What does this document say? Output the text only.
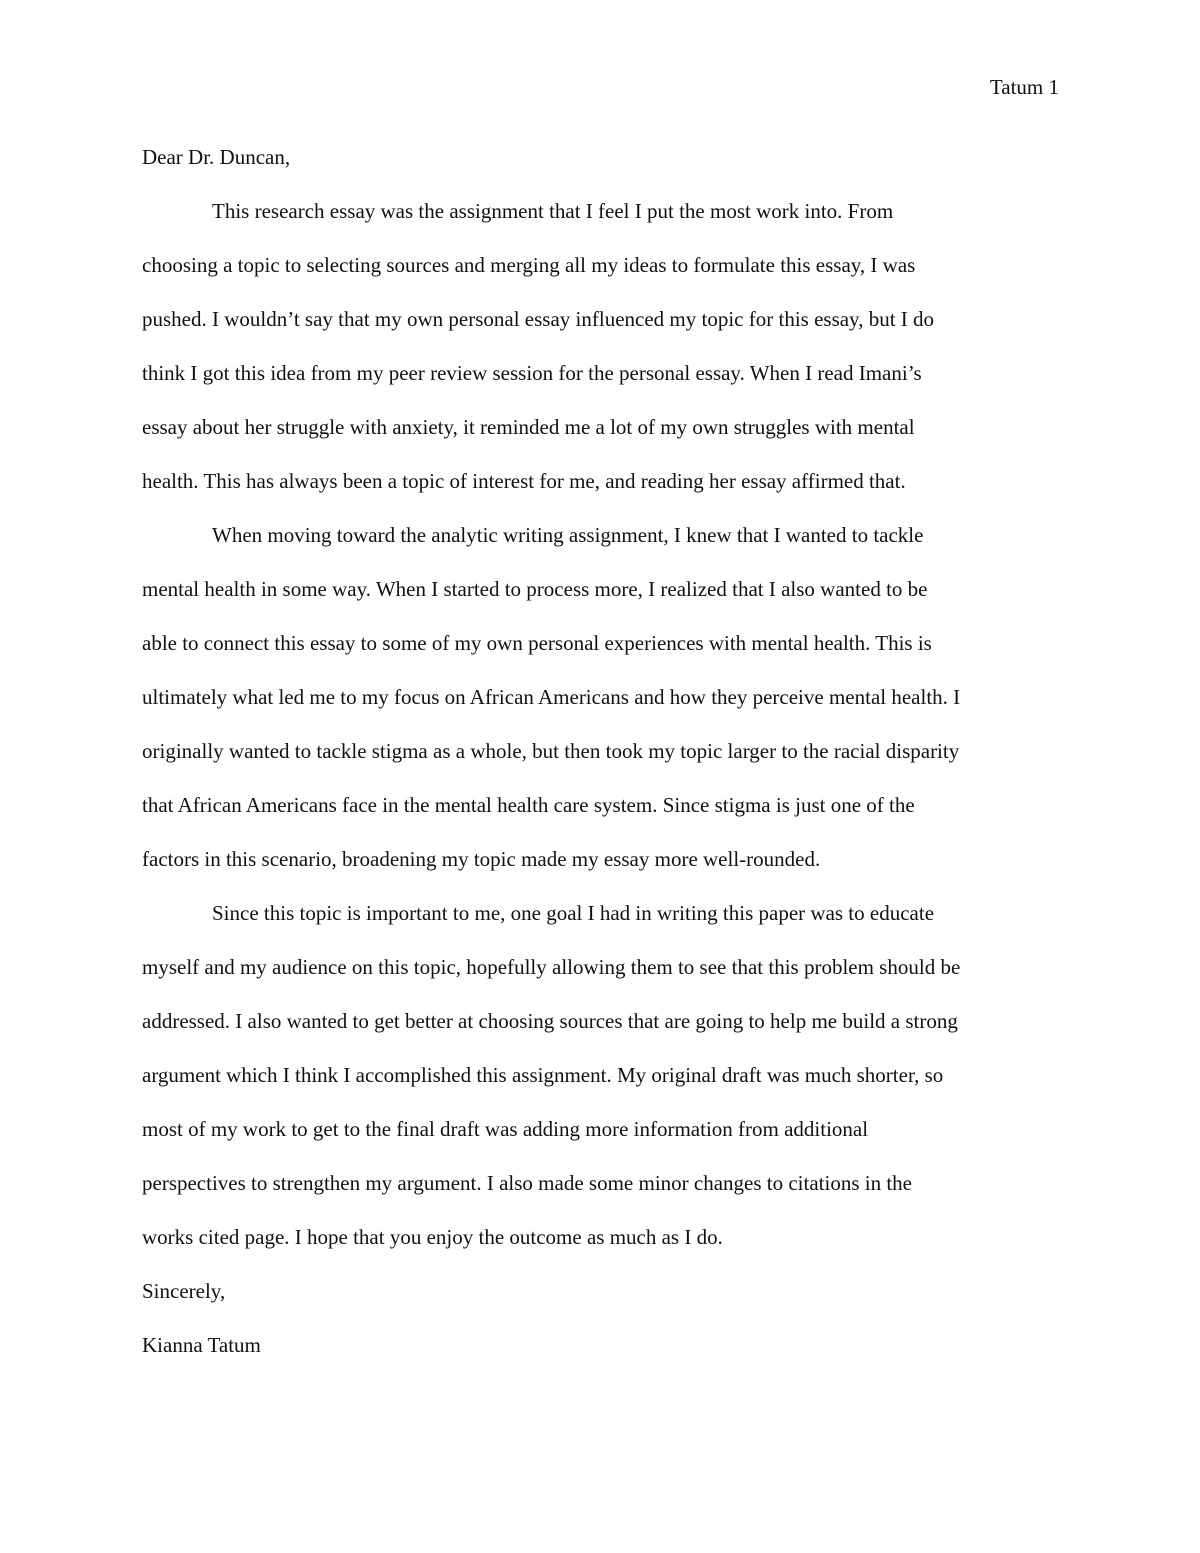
Tatum 1
Dear Dr. Duncan,
This research essay was the assignment that I feel I put the most work into. From
choosing a topic to selecting sources and merging all my ideas to formulate this essay, I was
pushed. I wouldn’t say that my own personal essay influenced my topic for this essay, but I do
think I got this idea from my peer review session for the personal essay. When I read Imani’s
essay about her struggle with anxiety, it reminded me a lot of my own struggles with mental
health. This has always been a topic of interest for me, and reading her essay affirmed that.
When moving toward the analytic writing assignment, I knew that I wanted to tackle
mental health in some way. When I started to process more, I realized that I also wanted to be
able to connect this essay to some of my own personal experiences with mental health. This is
ultimately what led me to my focus on African Americans and how they perceive mental health. I
originally wanted to tackle stigma as a whole, but then took my topic larger to the racial disparity
that African Americans face in the mental health care system. Since stigma is just one of the
factors in this scenario, broadening my topic made my essay more well-rounded.
Since this topic is important to me, one goal I had in writing this paper was to educate
myself and my audience on this topic, hopefully allowing them to see that this problem should be
addressed. I also wanted to get better at choosing sources that are going to help me build a strong
argument which I think I accomplished this assignment. My original draft was much shorter, so
most of my work to get to the final draft was adding more information from additional
perspectives to strengthen my argument. I also made some minor changes to citations in the
works cited page. I hope that you enjoy the outcome as much as I do.
Sincerely,
Kianna Tatum
